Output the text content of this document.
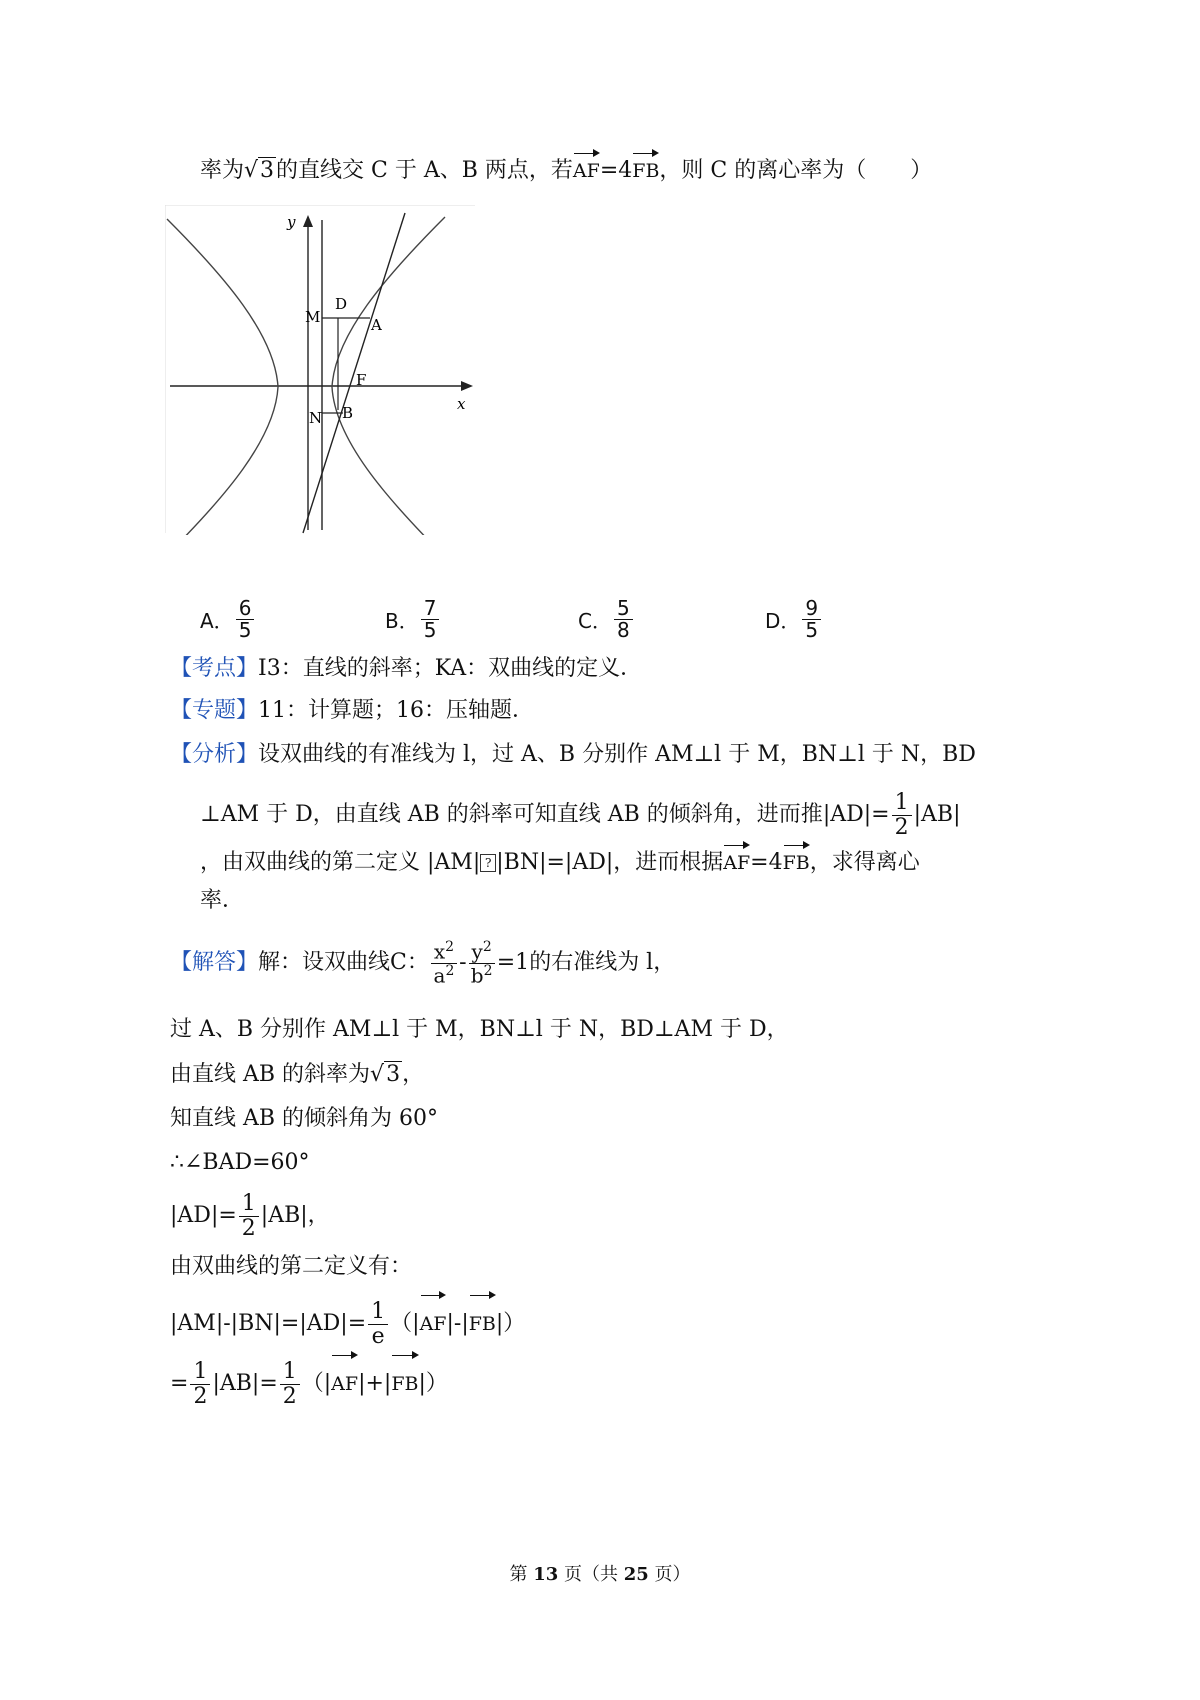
率为√3的直线交 C 于 A、B 两点，若AF=4FB，则 C 的离心率为（　　）
y
x
M
D
A
F
N B
A． $\frac{6}{5}$	B． $\frac{7}{5}$	C． $\frac{5}{8}$	D． $\frac{9}{5}$
【考点】I3：直线的斜率；KA：双曲线的定义．
【专题】11：计算题；16：压轴题．
【分析】设双曲线的有准线为 l，过 A、B 分别作 AM⊥l 于 M，BN⊥l 于 N，BD
⊥AM 于 D，由直线 AB 的斜率可知直线 AB 的倾斜角，进而推$|AD|= \frac{1}{2} |AB|$
，由双曲线的第二定义 |AM| ? |BN|=|AD|，进而根据AF=4FB，求得离心
率．
【解答】解：设双曲线C： $\frac{x^2}{a^2} - \frac{y^2}{b^2} =1$的右准线为 l，
过 A、B 分别作 AM⊥l 于 M，BN⊥l 于 N，BD⊥AM 于 D，
由直线 AB 的斜率为√3，
知直线 AB 的倾斜角为 60°
∴∠BAD=60°
$|AD|= \frac{1}{2} |AB|$，
由双曲线的第二定义有：
$|AM|-|BN|=|AD|= \frac{1}{e} (|AF|-|FB|)$
= $\frac{1}{2} |AB|= \frac{1}{2} (|AF|+|FB|)$
第 13 页（共 25 页）
